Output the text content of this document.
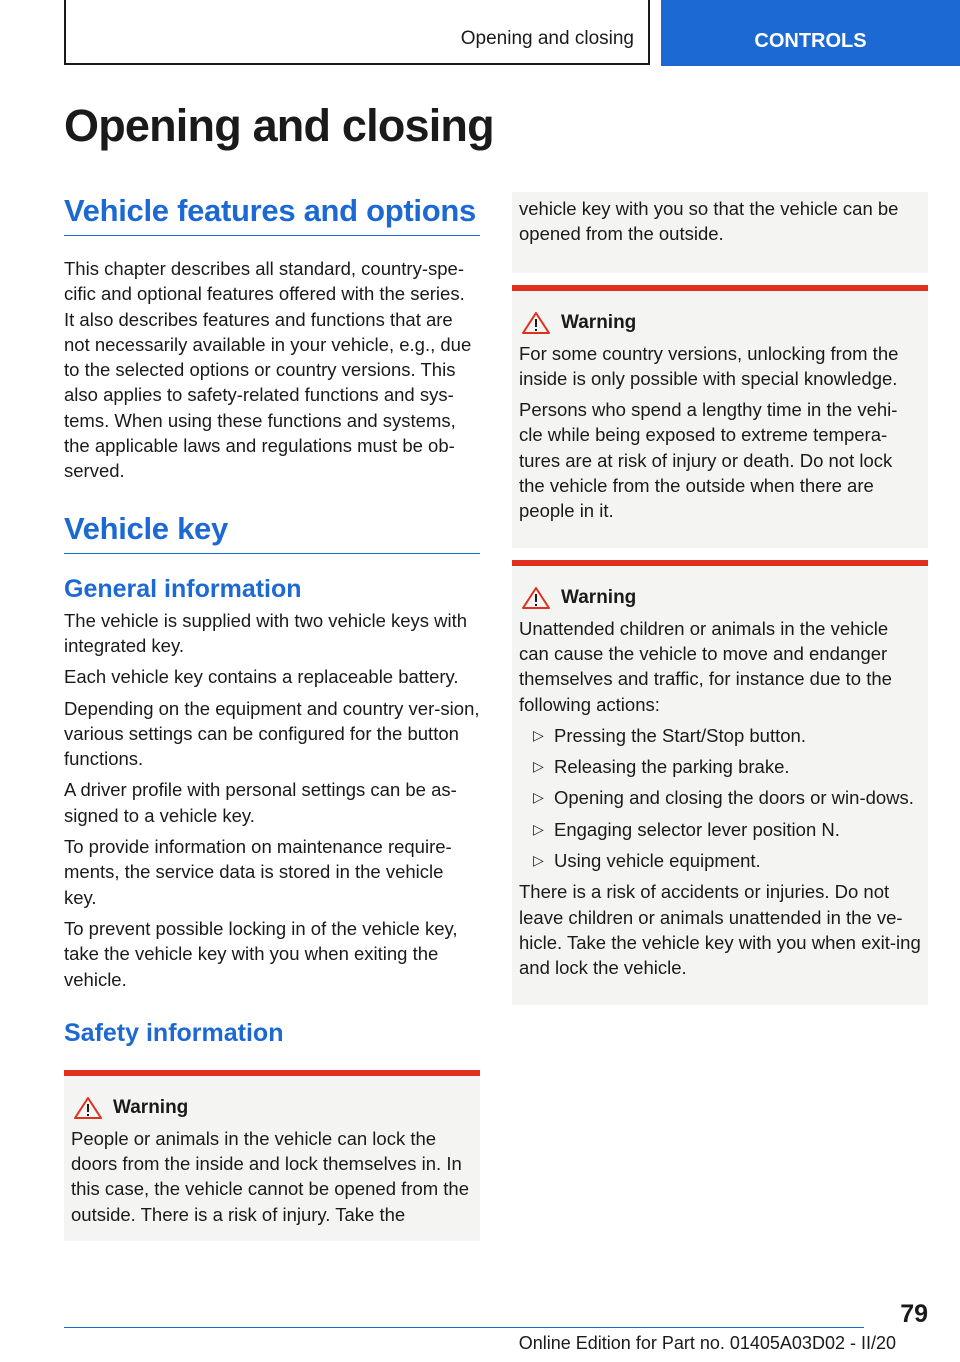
Opening and closing	CONTROLS
Opening and closing
Vehicle features and options

This chapter describes all standard, country-spe-cific and optional features offered with the series. It also describes features and functions that are not necessarily available in your vehicle, e.g., due to the selected options or country versions. This also applies to safety-related functions and sys-tems. When using these functions and systems, the applicable laws and regulations must be ob-served.

Vehicle key
General information

The vehicle is supplied with two vehicle keys with integrated key.

Each vehicle key contains a replaceable battery.

Depending on the equipment and country ver-sion, various settings can be configured for the button functions.

A driver profile with personal settings can be as-signed to a vehicle key.

To provide information on maintenance require-ments, the service data is stored in the vehicle key.

To prevent possible locking in of the vehicle key, take the vehicle key with you when exiting the vehicle.

Safety information
Warning

People or animals in the vehicle can lock the doors from the inside and lock themselves in. In this case, the vehicle cannot be opened from the outside. There is a risk of injury. Take the

vehicle key with you so that the vehicle can be opened from the outside.

Warning

For some country versions, unlocking from the inside is only possible with special knowledge.

Persons who spend a lengthy time in the vehi-cle while being exposed to extreme tempera-tures are at risk of injury or death. Do not lock the vehicle from the outside when there are people in it.

Warning

Unattended children or animals in the vehicle can cause the vehicle to move and endanger themselves and traffic, for instance due to the following actions:

▷ Pressing the Start/Stop button.
▷ Releasing the parking brake.
▷ Opening and closing the doors or win-dows.
▷ Engaging selector lever position N.
▷ Using vehicle equipment.

There is a risk of accidents or injuries. Do not leave children or animals unattended in the ve-hicle. Take the vehicle key with you when exit-ing and lock the vehicle.

79
Online Edition for Part no. 01405A03D02 - II/20
